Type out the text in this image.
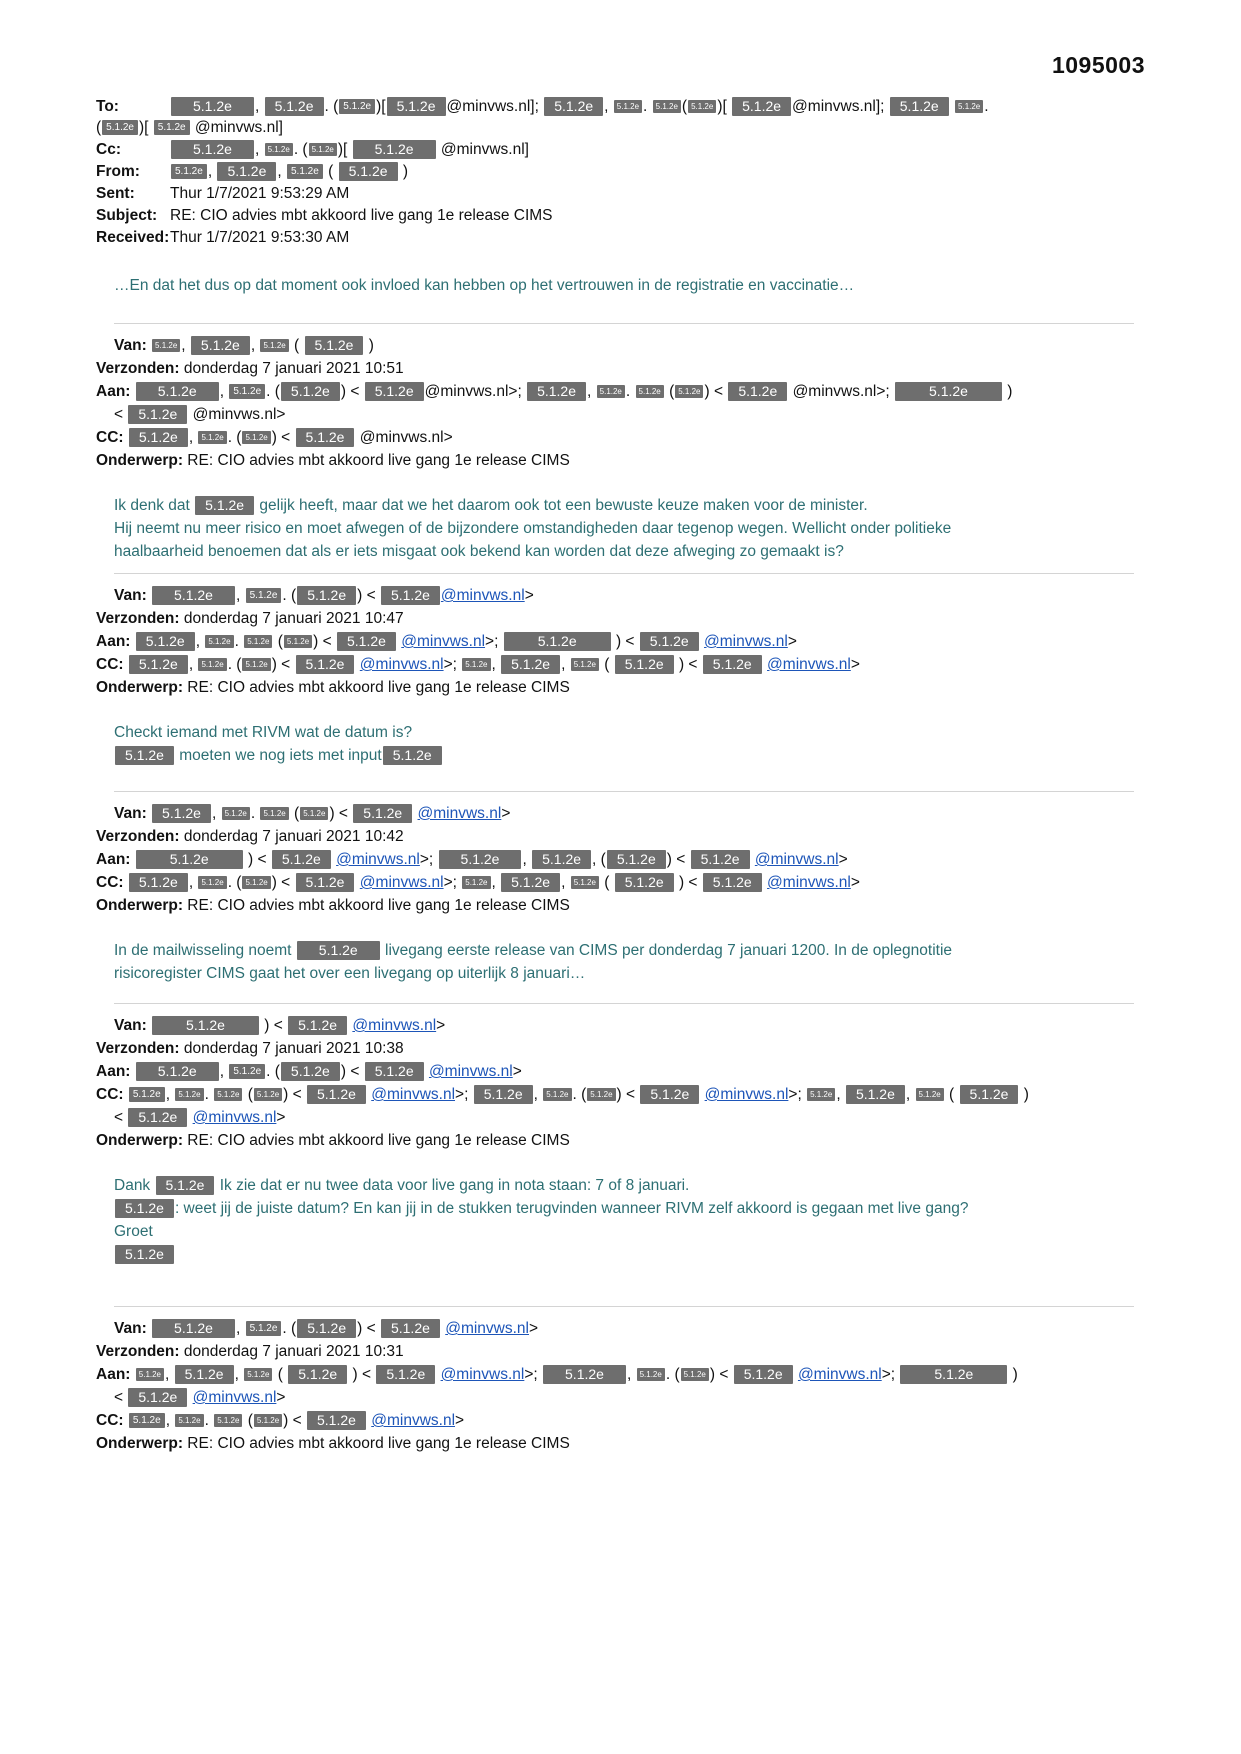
1095003
To:	5.1.2e , 5.1.2e . ( 5.1.2e )[ 5.1.2e @minvws.nl]; 5.1.2e , 5.1.2e . 5.1.2e ( 5.1.2e )[ 5.1.2e @minvws.nl]; 5.1.2e 5.1.2e .
( 5.1.2e )[ 5.1.2e @minvws.nl]
Cc:	5.1.2e , 5.1.2e . ( 5.1.2e )[ 5.1.2e @minvws.nl]
From:	5.1.2e , 5.1.2e , 5.1.2e ( 5.1.2e )
Sent: Thur 1/7/2021 9:53:29 AM
Subject: RE: CIO advies mbt akkoord live gang 1e release CIMS
Received:Thur 1/7/2021 9:53:30 AM
…En dat het dus op dat moment ook invloed kan hebben op het vertrouwen in de registratie en vaccinatie…
Van: 5.1.2e , 5.1.2e , 5.1.2e ( 5.1.2e )
Verzonden: donderdag 7 januari 2021 10:51
Aan: 5.1.2e , 5.1.2e . ( 5.1.2e ) < 5.1.2e @minvws.nl>; 5.1.2e , 5.1.2e . 5.1.2e ( 5.1.2e ) < 5.1.2e @minvws.nl>;	5.1.2e )
< 5.1.2e @minvws.nl>
CC: 5.1.2e , 5.1.2e . ( 5.1.2e ) < 5.1.2e @minvws.nl>
Onderwerp: RE: CIO advies mbt akkoord live gang 1e release CIMS
Ik denk dat 5.1.2e gelijk heeft, maar dat we het daarom ook tot een bewuste keuze maken voor de minister.
Hij neemt nu meer risico en moet afwegen of de bijzondere omstandigheden daar tegenop wegen. Wellicht onder politieke
haalbaarheid benoemen dat als er iets misgaat ook bekend kan worden dat deze afweging zo gemaakt is?
Van: 5.1.2e , 5.1.2e . ( 5.1.2e ) < 5.1.2e @minvws.nl>
Verzonden: donderdag 7 januari 2021 10:47
Aan: 5.1.2e , 5.1.2e . 5.1.2e ( 5.1.2e ) < 5.1.2e @minvws.nl>;	5.1.2e ) < 5.1.2e @minvws.nl>
CC: 5.1.2e , 5.1.2e . ( 5.1.2e ) < 5.1.2e @minvws.nl>; 5.1.2e , 5.1.2e , 5.1.2e ( 5.1.2e ) < 5.1.2e @minvws.nl>
Onderwerp: RE: CIO advies mbt akkoord live gang 1e release CIMS
Checkt iemand met RIVM wat de datum is?
5.1.2e moeten we nog iets met input 5.1.2e
Van: 5.1.2e , 5.1.2e . 5.1.2e ( 5.1.2e ) < 5.1.2e @minvws.nl>
Verzonden: donderdag 7 januari 2021 10:42
Aan:	5.1.2e ) < 5.1.2e @minvws.nl>; 5.1.2e , 5.1.2e , ( 5.1.2e ) < 5.1.2e @minvws.nl>
CC: 5.1.2e , 5.1.2e . ( 5.1.2e ) < 5.1.2e @minvws.nl>; 5.1.2e , 5.1.2e , 5.1.2e ( 5.1.2e ) < 5.1.2e @minvws.nl>
Onderwerp: RE: CIO advies mbt akkoord live gang 1e release CIMS
In de mailwisseling noemt 5.1.2e livegang eerste release van CIMS per donderdag 7 januari 1200. In de oplegnotitie
risicoregister CIMS gaat het over een livegang op uiterlijk 8 januari…
Van:	5.1.2e ) < 5.1.2e @minvws.nl>
Verzonden: donderdag 7 januari 2021 10:38
Aan: 5.1.2e , 5.1.2e . ( 5.1.2e ) < 5.1.2e @minvws.nl>
CC: 5.1.2e , 5.1.2e . 5.1.2e ( 5.1.2e ) < 5.1.2e @minvws.nl>; 5.1.2e , 5.1.2e . ( 5.1.2e ) < 5.1.2e @minvws.nl>; 5.1.2e , 5.1.2e , 5.1.2e ( 5.1.2e )
< 5.1.2e @minvws.nl>
Onderwerp: RE: CIO advies mbt akkoord live gang 1e release CIMS
Dank 5.1.2e Ik zie dat er nu twee data voor live gang in nota staan: 7 of 8 januari.
5.1.2e : weet jij de juiste datum? En kan jij in de stukken terugvinden wanneer RIVM zelf akkoord is gegaan met live gang?
Groet
5.1.2e
Van: 5.1.2e , 5.1.2e . ( 5.1.2e ) < 5.1.2e @minvws.nl>
Verzonden: donderdag 7 januari 2021 10:31
Aan: 5.1.2e , 5.1.2e , 5.1.2e ( 5.1.2e ) < 5.1.2e @minvws.nl>; 5.1.2e , 5.1.2e . ( 5.1.2e ) < 5.1.2e @minvws.nl>;	5.1.2e )
< 5.1.2e @minvws.nl>
CC: 5.1.2e , 5.1.2e . 5.1.2e ( 5.1.2e ) < 5.1.2e @minvws.nl>
Onderwerp: RE: CIO advies mbt akkoord live gang 1e release CIMS
